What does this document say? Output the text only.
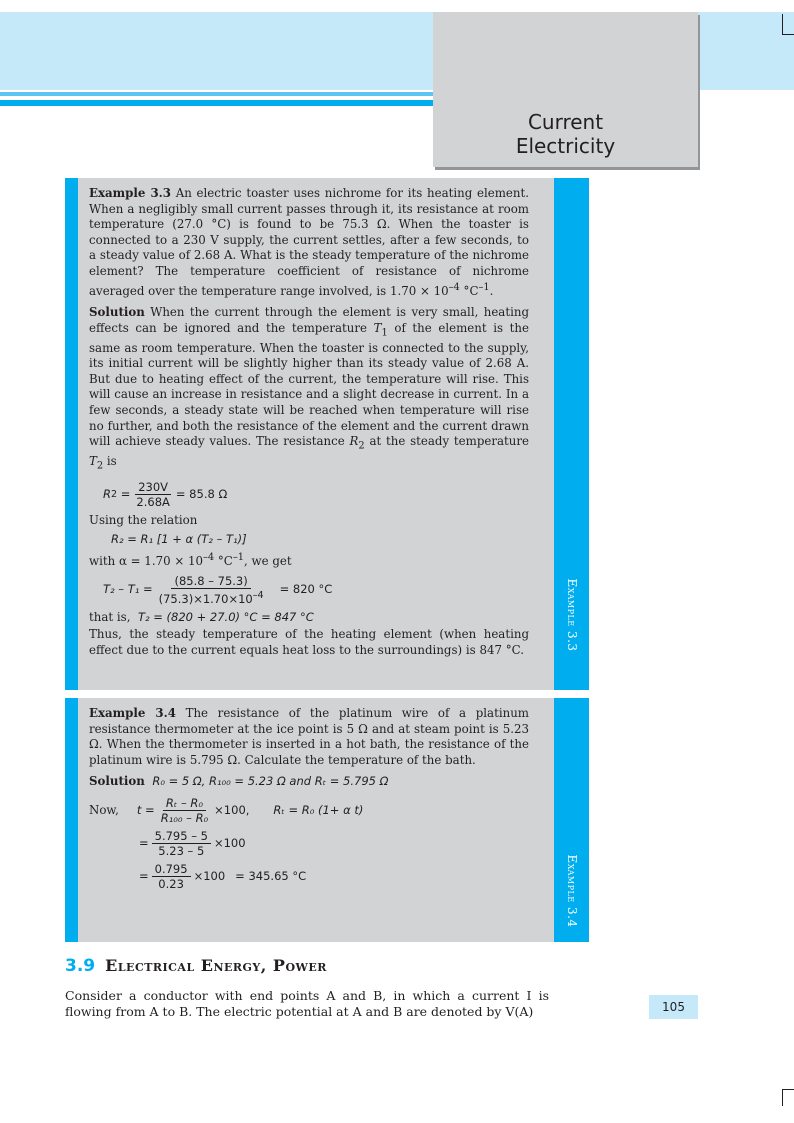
Current
Electricity
Example 3.3

Example 3.3 An electric toaster uses nichrome for its heating element. When a negligibly small current passes through it, its resistance at room temperature (27.0 °C) is found to be 75.3 Ω. When the toaster is connected to a 230 V supply, the current settles, after a few seconds, to a steady value of 2.68 A. What is the steady temperature of the nichrome element? The temperature coefficient of resistance of nichrome averaged over the temperature range involved, is $1.70 \times 10^{-4}$ $^\circ C^{-1}$.

Solution When the current through the element is very small, heating effects can be ignored and the temperature $T_1$ of the element is the same as room temperature. When the toaster is connected to the supply, its initial current will be slightly higher than its steady value of 2.68 A. But due to heating effect of the current, the temperature will rise. This will cause an increase in resistance and a slight decrease in current. In a few seconds, a steady state will be reached when temperature will rise no further, and both the resistance of the element and the current drawn will achieve steady values. The resistance $R_2$ at the steady temperature $T_2$ is

R $2 = \frac{230V}{2.68A} = 85.8$ Ω
Using the relation
R₂ = R₁ [1 + α (T₂ – T₁)]
with $\alpha = 1.70 \times 10^{-4}$ $^\circ C^{-1}$, we get
$T_2 - T_1 = \frac{(85.8 - 75.3)}{(75.3)\times 1.70\times 10^{-4}} = 820$ °C
that is, T₂ = (820 + 27.0) °C = 847 °C

Thus, the steady temperature of the heating element (when heating effect due to the current equals heat loss to the surroundings) is 847 °C.

Example 3.4

Example 3.4 The resistance of the platinum wire of a platinum resistance thermometer at the ice point is 5 Ω and at steam point is 5.23 Ω. When the thermometer is inserted in a hot bath, the resistance of the platinum wire is 5.795 Ω. Calculate the temperature of the bath.

Solution R₀ = 5 Ω, R₁₀₀ = 5.23 Ω and Rₜ = 5.795 Ω

Now, $t = \frac{\text{Rₜ – R₀}}{\text{R₁₀₀ – R₀}} \times 100$, Rₜ = R₀ (1+ α t)
= $\frac{5.795 - 5}{5.23 - 5} \times 100$
= $\frac{0.795}{0.23} \times 100 = 345.65$ °C
3.9 Electrical Energy, Power
Consider a conductor with end points A and B, in which a current I is flowing from A to B. The electric potential at A and B are denoted by V(A)	105
